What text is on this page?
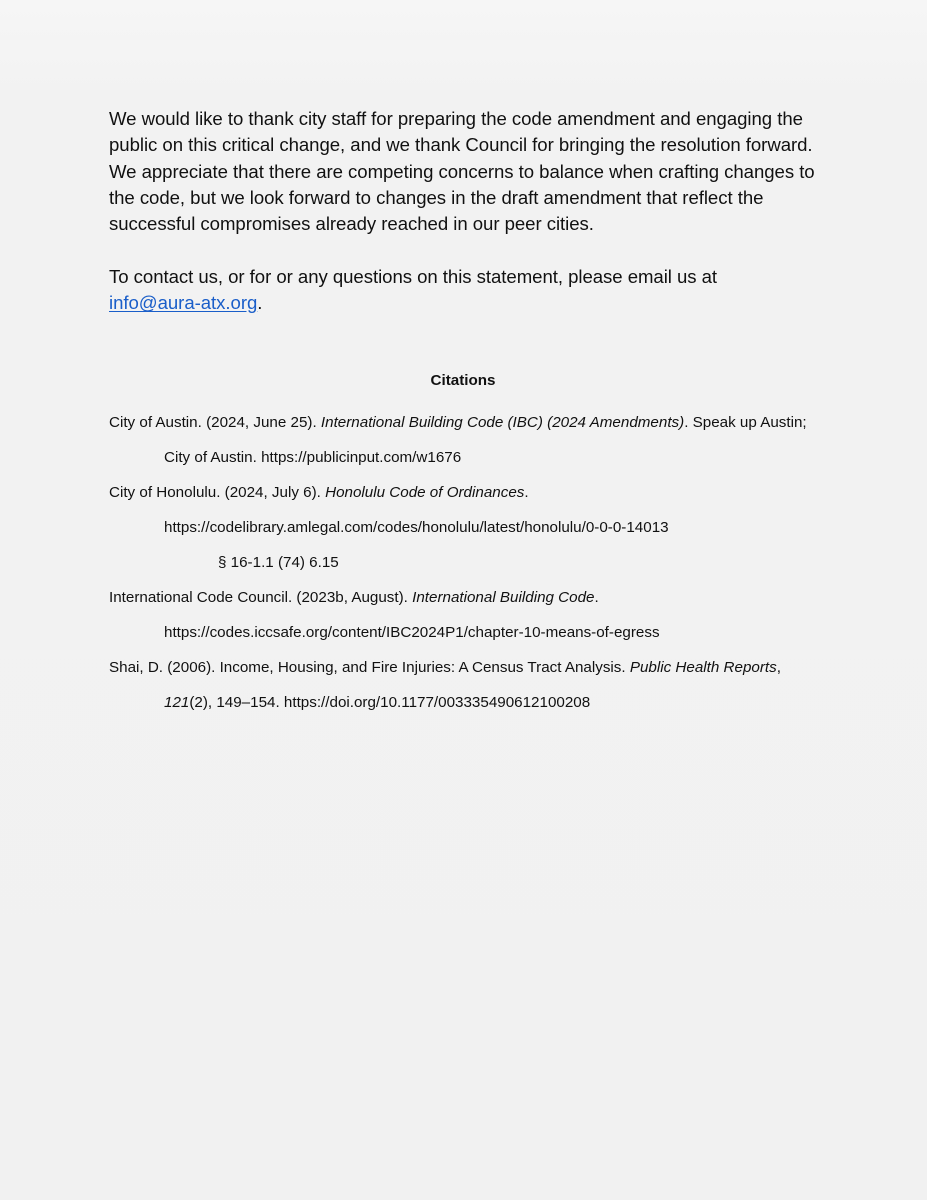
We would like to thank city staff for preparing the code amendment and engaging the
public on this critical change, and we thank Council for bringing the resolution forward.
We appreciate that there are competing concerns to balance when crafting changes to
the code, but we look forward to changes in the draft amendment that reflect the
successful compromises already reached in our peer cities.

To contact us, or for or any questions on this statement, please email us at
info@aura-atx.org.

Citations

City of Austin. (2024, June 25). International Building Code (IBC) (2024 Amendments). Speak up Austin;

City of Austin. https://publicinput.com/w1676

City of Honolulu. (2024, July 6). Honolulu Code of Ordinances.

https://codelibrary.amlegal.com/codes/honolulu/latest/honolulu/0-0-0-14013

§ 16-1.1 (74) 6.15

International Code Council. (2023b, August). International Building Code.

https://codes.iccsafe.org/content/IBC2024P1/chapter-10-means-of-egress

Shai, D. (2006). Income, Housing, and Fire Injuries: A Census Tract Analysis. Public Health Reports,

121(2), 149–154. https://doi.org/10.1177/003335490612100208
